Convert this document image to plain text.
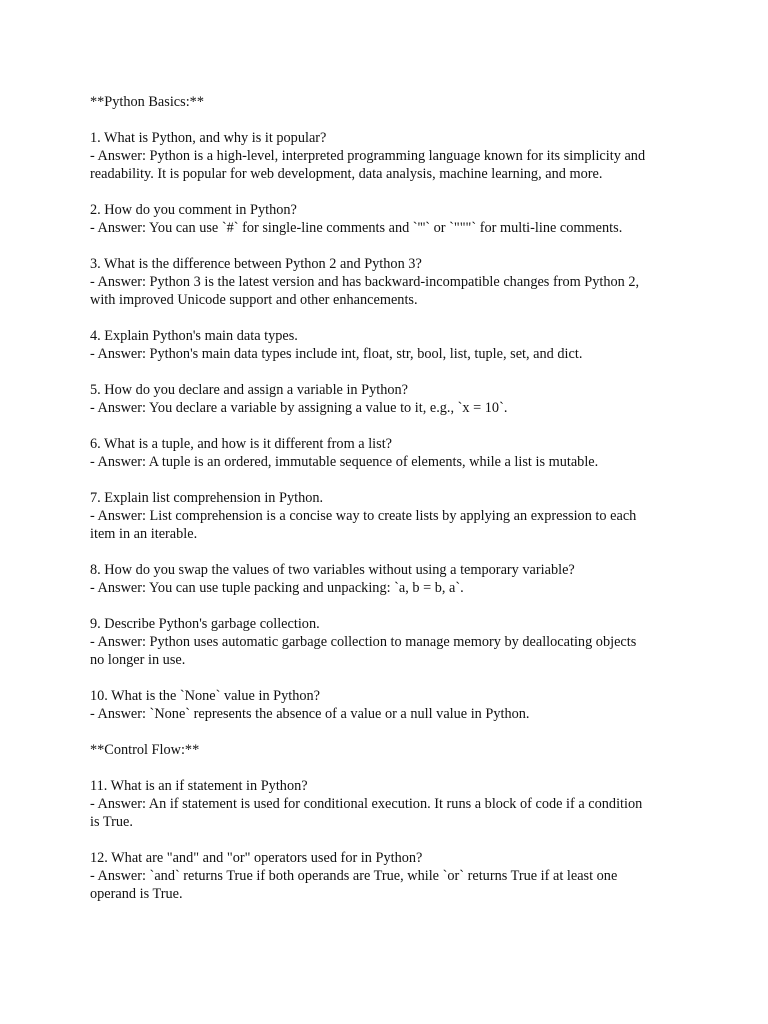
**Python Basics:**
1. What is Python, and why is it popular?
- Answer: Python is a high-level, interpreted programming language known for its simplicity and
readability. It is popular for web development, data analysis, machine learning, and more.
2. How do you comment in Python?
- Answer: You can use `#` for single-line comments and `'''` or `"""` for multi-line comments.
3. What is the difference between Python 2 and Python 3?
- Answer: Python 3 is the latest version and has backward-incompatible changes from Python 2,
with improved Unicode support and other enhancements.
4. Explain Python's main data types.
- Answer: Python's main data types include int, float, str, bool, list, tuple, set, and dict.
5. How do you declare and assign a variable in Python?
- Answer: You declare a variable by assigning a value to it, e.g., `x = 10`.
6. What is a tuple, and how is it different from a list?
- Answer: A tuple is an ordered, immutable sequence of elements, while a list is mutable.
7. Explain list comprehension in Python.
- Answer: List comprehension is a concise way to create lists by applying an expression to each
item in an iterable.
8. How do you swap the values of two variables without using a temporary variable?
- Answer: You can use tuple packing and unpacking: `a, b = b, a`.
9. Describe Python's garbage collection.
- Answer: Python uses automatic garbage collection to manage memory by deallocating objects
no longer in use.
10. What is the `None` value in Python?
- Answer: `None` represents the absence of a value or a null value in Python.
**Control Flow:**
11. What is an if statement in Python?
- Answer: An if statement is used for conditional execution. It runs a block of code if a condition
is True.
12. What are "and" and "or" operators used for in Python?
- Answer: `and` returns True if both operands are True, while `or` returns True if at least one
operand is True.
